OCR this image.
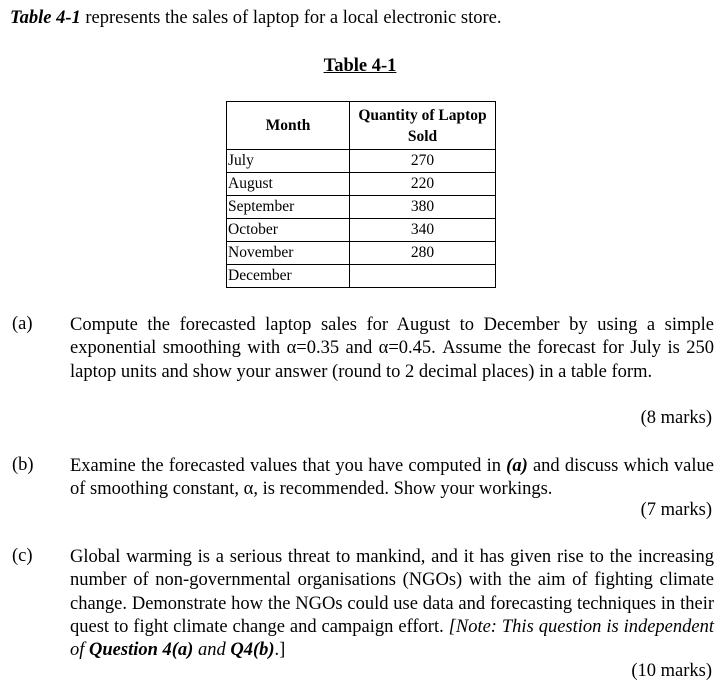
Table 4-1 represents the sales of laptop for a local electronic store.
Table 4-1
Month	Quantity of Laptop Sold
July	270
August	220
September	380
October	340
November	280
December	
(a) Compute the forecasted laptop sales for August to December by using a simple exponential smoothing with α=0.35 and α=0.45. Assume the forecast for July is 250 laptop units and show your answer (round to 2 decimal places) in a table form.
(8 marks)
(b) Examine the forecasted values that you have computed in (a) and discuss which value of smoothing constant, α, is recommended. Show your workings.
(7 marks)
(c) Global warming is a serious threat to mankind, and it has given rise to the increasing number of non-governmental organisations (NGOs) with the aim of fighting climate change. Demonstrate how the NGOs could use data and forecasting techniques in their quest to fight climate change and campaign effort. [Note: This question is independent of Question 4(a) and Q4(b).]
(10 marks)
